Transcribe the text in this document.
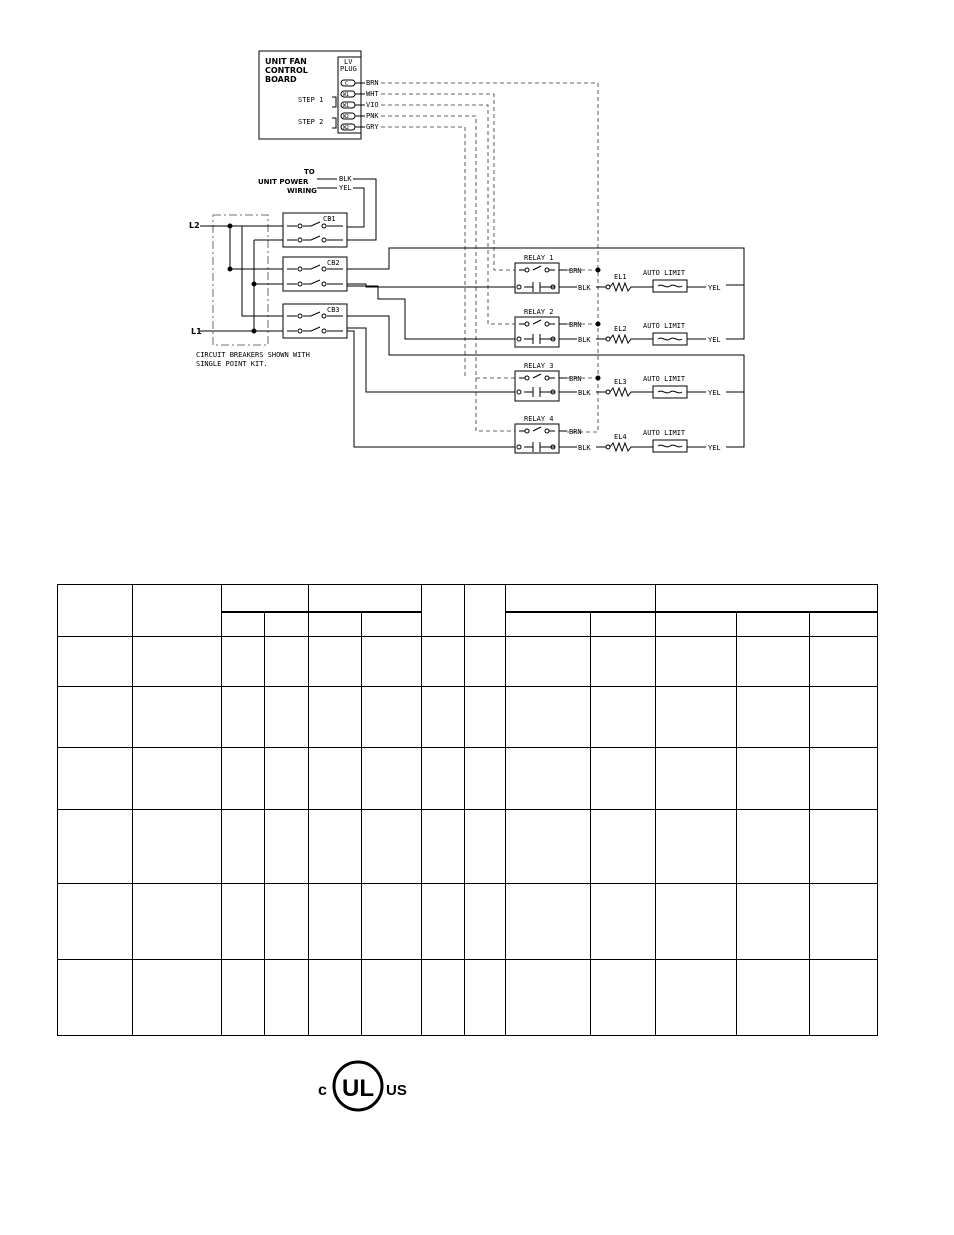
UNIT FAN
CONTROL
BOARD
LV
PLUG
STEP 1
STEP 2
C
W1
W1
W2
W2
BRN
WHT
VIO
PNK
GRY
TO
UNIT POWER
WIRING
BLK
YEL
L2
L1
CB1
CB2
CB3
CIRCUIT BREAKERS SHOWN WITH
SINGLE POINT KIT.
RELAY 1
BRN
BLK
EL1 AUTO LIMIT
YEL
RELAY 2
BRN
BLK
EL2 AUTO LIMIT
YEL
RELAY 3
BRN
BLK
EL3 AUTO LIMIT
YEL
RELAY 4
BRN
BLK
EL4 AUTO LIMIT
YEL

c UL US
